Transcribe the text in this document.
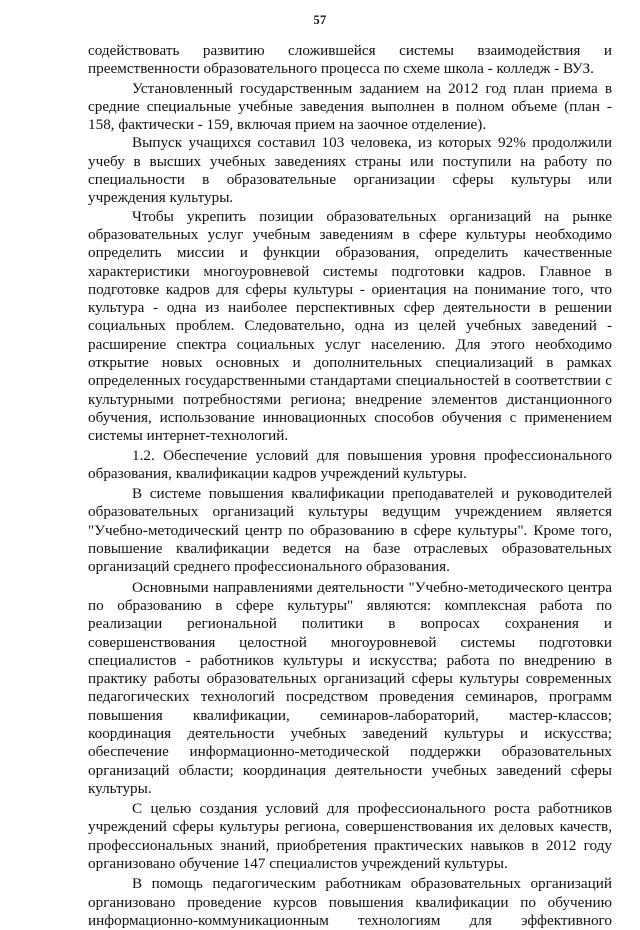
57

содействовать развитию сложившейся системы взаимодействия и преемственности образовательного процесса по схеме школа - колледж - ВУЗ.

Установленный государственным заданием на 2012 год план приема в средние специальные учебные заведения выполнен в полном объеме (план - 158, фактически - 159, включая прием на заочное отделение).

Выпуск учащихся составил 103 человека, из которых 92% продолжили учебу в высших учебных заведениях страны или поступили на работу по специальности в образовательные организации сферы культуры или учреждения культуры.

Чтобы укрепить позиции образовательных организаций на рынке образовательных услуг учебным заведениям в сфере культуры необходимо определить миссии и функции образования, определить качественные характеристики многоуровневой системы подготовки кадров. Главное в подготовке кадров для сферы культуры - ориентация на понимание того, что культура - одна из наиболее перспективных сфер деятельности в решении социальных проблем. Следовательно, одна из целей учебных заведений - расширение спектра социальных услуг населению. Для этого необходимо открытие новых основных и дополнительных специализаций в рамках определенных государственными стандартами специальностей в соответствии с культурными потребностями региона; внедрение элементов дистанционного обучения, использование инновационных способов обучения с применением системы интернет-технологий.

1.2. Обеспечение условий для повышения уровня профессионального образования, квалификации кадров учреждений культуры.

В системе повышения квалификации преподавателей и руководителей образовательных организаций культуры ведущим учреждением является "Учебно-методический центр по образованию в сфере культуры". Кроме того, повышение квалификации ведется на базе отраслевых образовательных организаций среднего профессионального образования.

Основными направлениями деятельности "Учебно-методического центра по образованию в сфере культуры" являются: комплексная работа по реализации региональной политики в вопросах сохранения и совершенствования целостной многоуровневой системы подготовки специалистов - работников культуры и искусства; работа по внедрению в практику работы образовательных организаций сферы культуры современных педагогических технологий посредством проведения семинаров, программ повышения квалификации, семинаров-лабораторий, мастер-классов; координация деятельности учебных заведений культуры и искусства; обеспечение информационно-методической поддержки образовательных организаций области; координация деятельности учебных заведений сферы культуры.

С целью создания условий для профессионального роста работников учреждений сферы культуры региона, совершенствования их деловых качеств, профессиональных знаний, приобретения практических навыков в 2012 году организовано обучение 147 специалистов учреждений культуры.

В помощь педагогическим работникам образовательных организаций организовано проведение курсов повышения квалификации по обучению информационно-коммуникационным технологиям для эффективного
